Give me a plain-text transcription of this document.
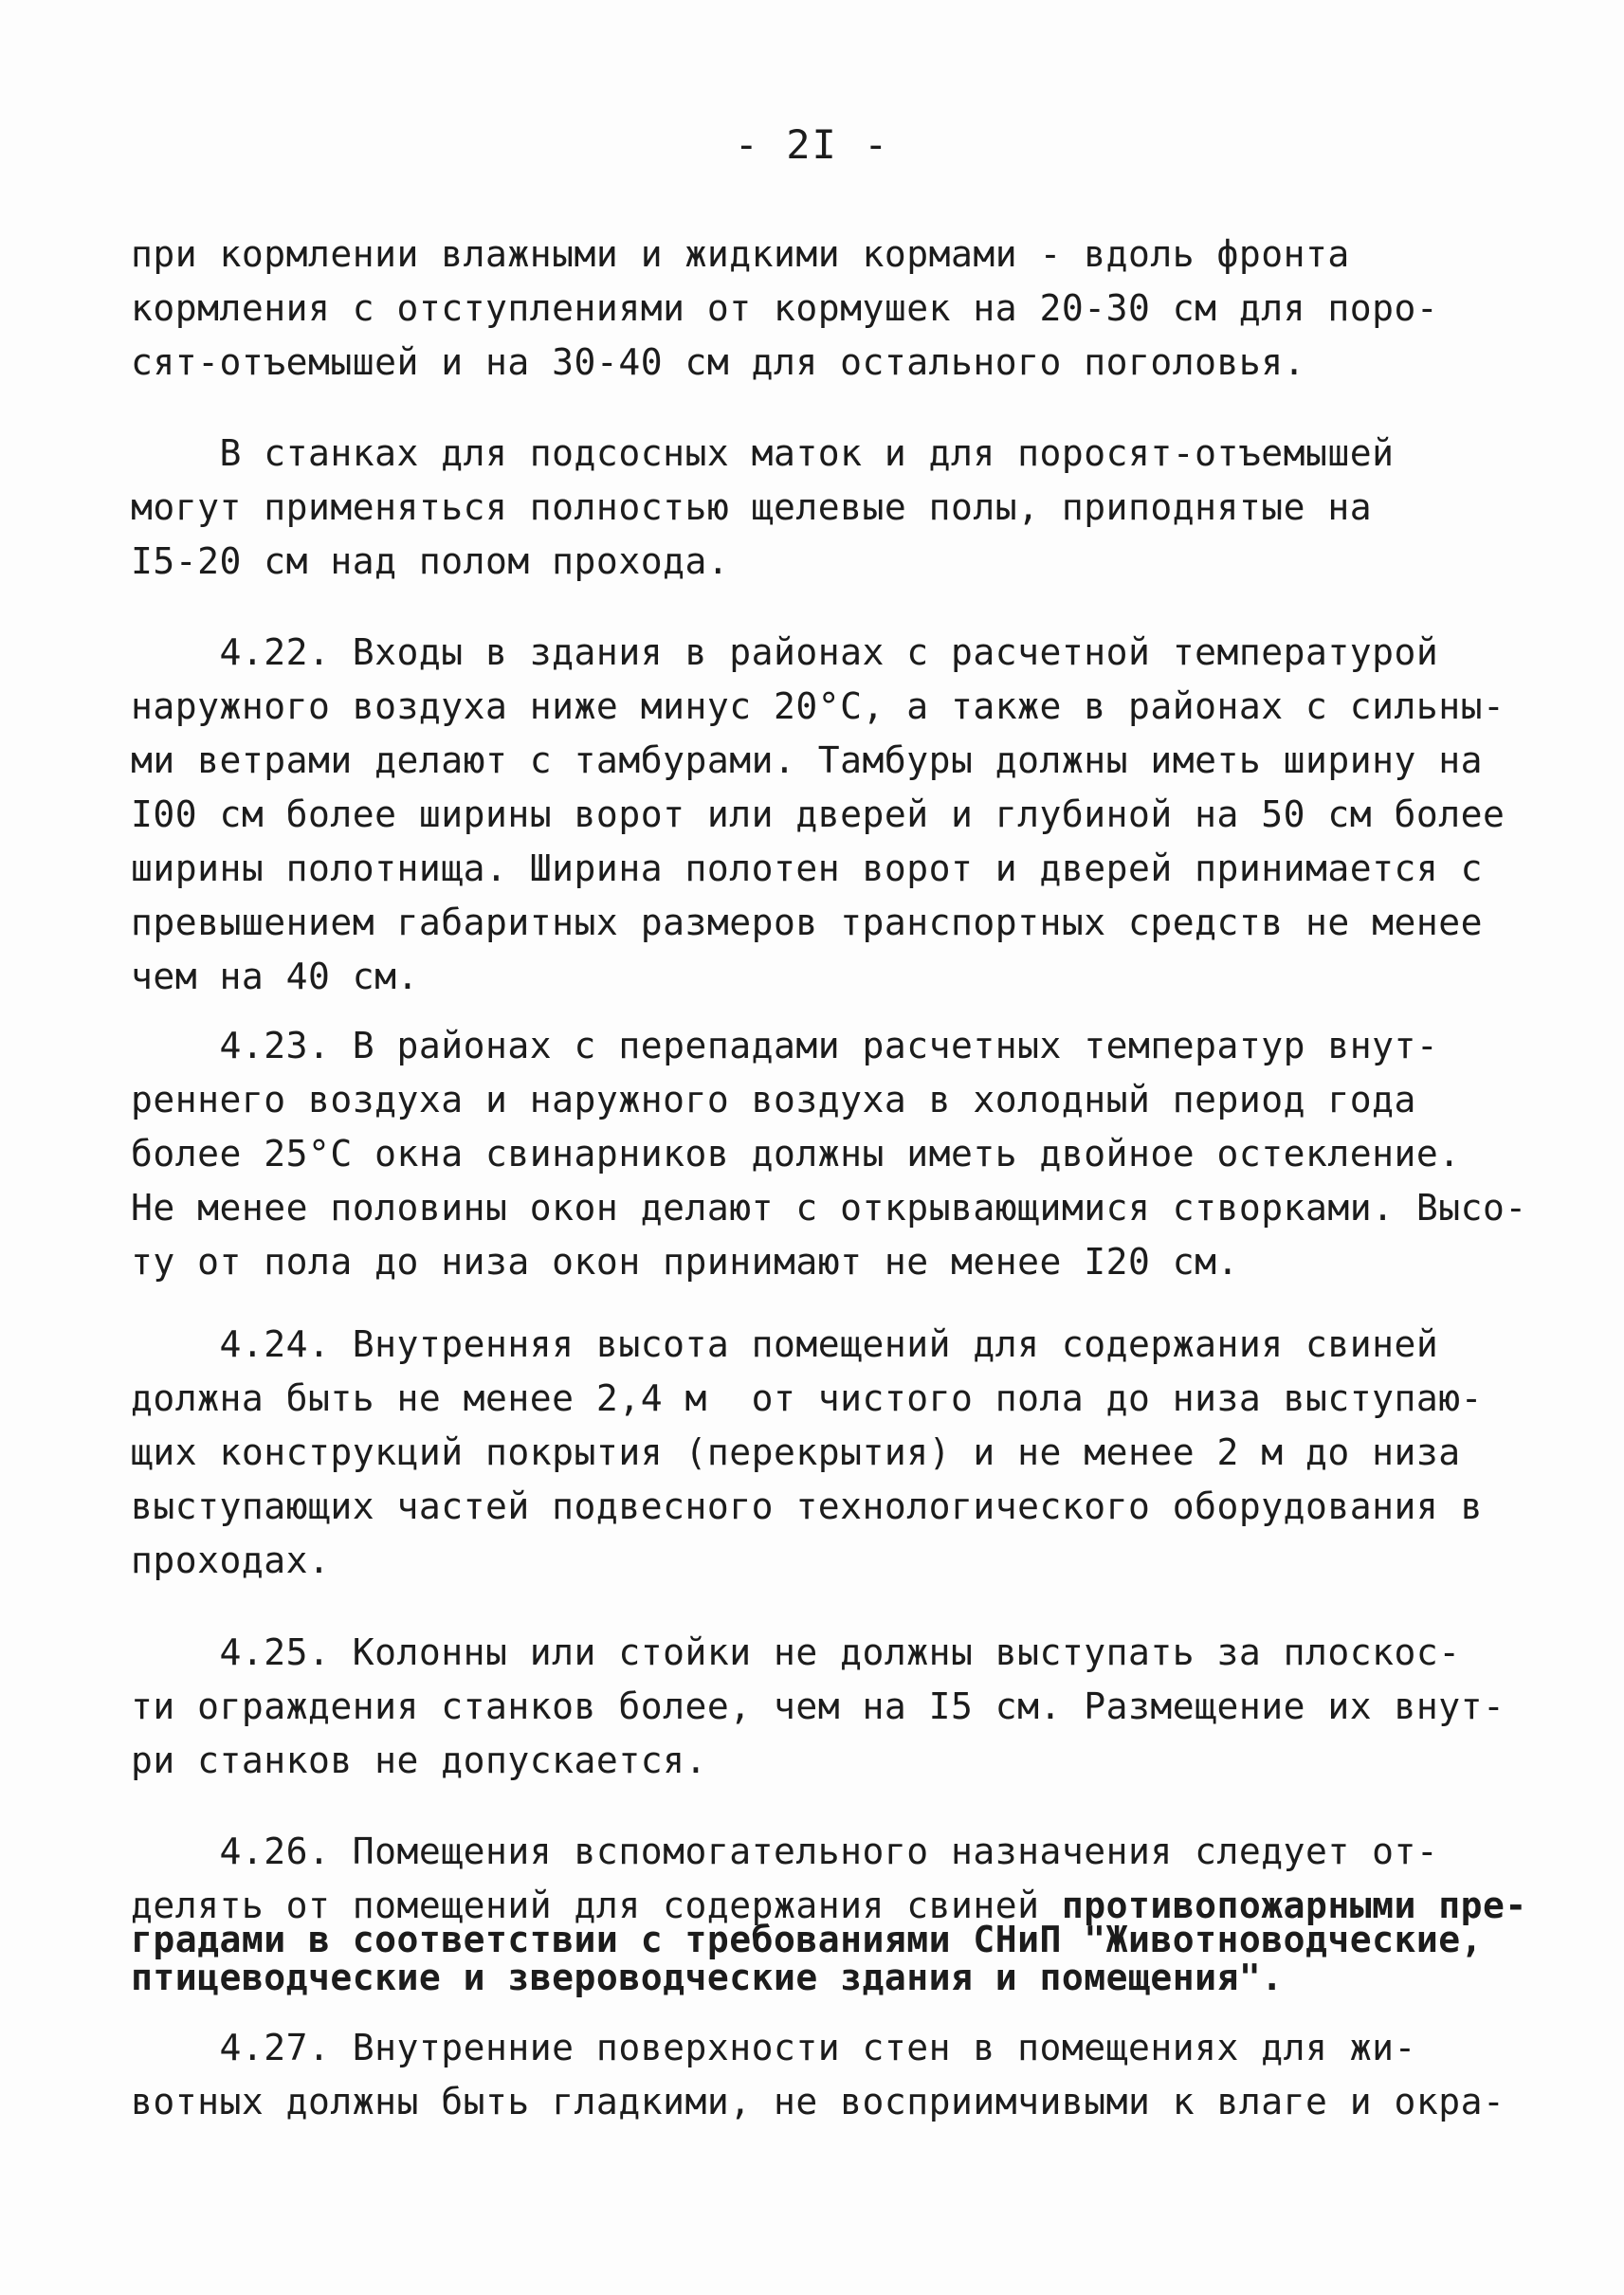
- 2I -
при кормлении влажными и жидкими кормами - вдоль фронта
кормления с отступлениями от кормушек на 20-30 см для поро-
сят-отъемышей и на 30-40 см для остального поголовья.
В станках для подсосных маток и для поросят-отъемышей
могут применяться полностью щелевые полы, приподнятые на
I5-20 см над полом прохода.
4.22. Входы в здания в районах с расчетной температурой
наружного воздуха ниже минус 20°C, а также в районах с сильны-
ми ветрами делают с тамбурами. Тамбуры должны иметь ширину на
I00 см более ширины ворот или дверей и глубиной на 50 см более
ширины полотнища. Ширина полотен ворот и дверей принимается с
превышением габаритных размеров транспортных средств не менее
чем на 40 см.
4.23. В районах с перепадами расчетных температур внут-
реннего воздуха и наружного воздуха в холодный период года
более 25°C окна свинарников должны иметь двойное остекление.
Не менее половины окон делают с открывающимися створками. Высо-
ту от пола до низа окон принимают не менее I20 см.
4.24. Внутренняя высота помещений для содержания свиней
должна быть не менее 2,4 м  от чистого пола до низа выступаю-
щих конструкций покрытия (перекрытия) и не менее 2 м до низа
выступающих частей подвесного технологического оборудования в
проходах.
4.25. Колонны или стойки не должны выступать за плоскос-
ти ограждения станков более, чем на I5 см. Размещение их внут-
ри станков не допускается.
4.26. Помещения вспомогательного назначения следует от-
делять от помещений для содержания свиней противопожарными пре-
градами в соответствии с требованиями СНиП "Животноводческие,
птицеводческие и звероводческие здания и помещения".
4.27. Внутренние поверхности стен в помещениях для жи-
вотных должны быть гладкими, не восприимчивыми к влаге и окра-
